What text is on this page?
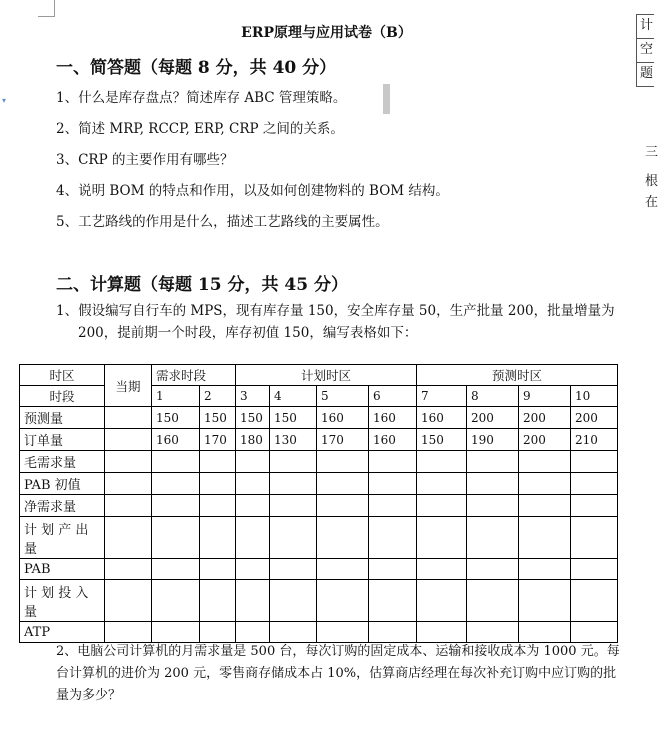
▾
ERP原理与应用试卷（B）
一、简答题（每题 8 分，共 40 分）
1、什么是库存盘点？简述库存 ABC 管理策略。
2、简述 MRP, RCCP, ERP, CRP 之间的关系。
3、CRP 的主要作用有哪些？
4、说明 BOM 的特点和作用，以及如何创建物料的 BOM 结构。
5、工艺路线的作用是什么，描述工艺路线的主要属性。
二、计算题（每题 15 分，共 45 分）
1、假设编写自行车的 MPS，现有库存量 150，安全库存量 50，生产批量 200，批量增量为 200，提前期一个时段，库存初值 150，编写表格如下：
时区	当期	需求时段		计划时区				预测时区			
时段		1	2	3	4	5	6	7	8	9	10
预测量		150	150	150	150	160	160	160	200	200	200
订单量		160	170	180	130	170	160	150	190	200	210
毛需求量											
PAB 初值											
净需求量											
计 划 产 出 量											
PAB											
计 划 投 入 量											
ATP											
2、电脑公司计算机的月需求量是 500 台，每次订购的固定成本、运输和接收成本为 1000 元。每台计算机的进价为 200 元，零售商存储成本占 10%，估算商店经理在每次补充订购中应订购的批量为多少？
计
空
题
三
根
在
